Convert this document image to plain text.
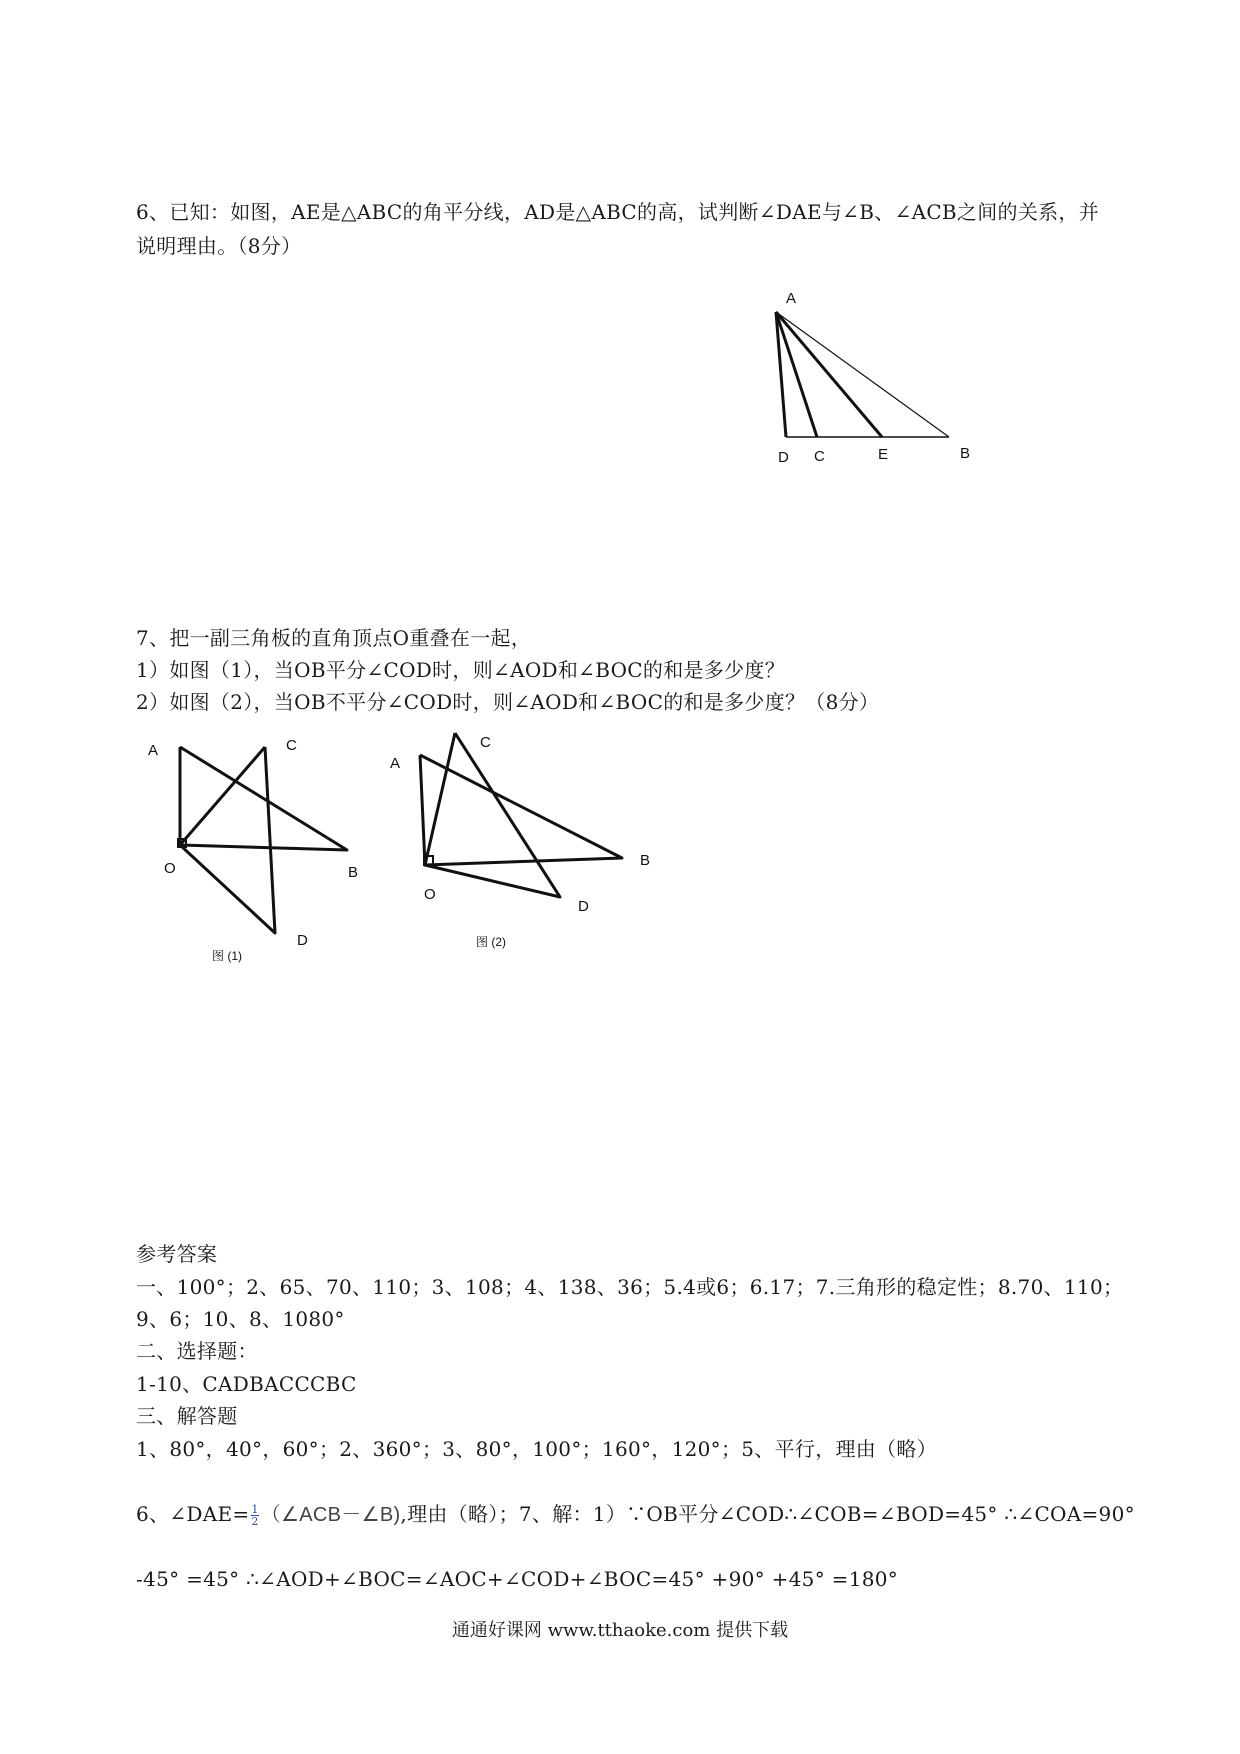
6、已知：如图，AE是△ABC的角平分线，AD是△ABC的高，试判断∠DAE与∠B、∠ACB之间的关系，并
说明理由。（8分）
A
D C	E	B
7、把一副三角板的直角顶点O重叠在一起，
1）如图（1），当OB平分∠COD时，则∠AOD和∠BOC的和是多少度？
2）如图（2），当OB不平分∠COD时，则∠AOD和∠BOC的和是多少度？（8分）
A	C
O	B
D
图 (1)
A
C
O
B
D
图 (2)
参考答案
一、100°；2、65、70、110；3、108；4、138、36；5.4或6；6.17；7.三角形的稳定性；8.70、110；
9、6；10、8、1080°
二、选择题：
1-10、CADBACCCBC
三、解答题
1、80°，40°，60°；2、360°；3、80°，100°；160°，120°；5、平行，理由（略）
6、∠DAE= $\frac{1}{2}$ （∠ACB－∠B),理由（略）；7、解：1）∵OB平分∠COD∴∠COB=∠BOD=45° ∴∠COA=90°
-45° =45° ∴∠AOD+∠BOC=∠AOC+∠COD+∠BOC=45° +90° +45° =180°
通通好课网 www.tthaoke.com 提供下载
